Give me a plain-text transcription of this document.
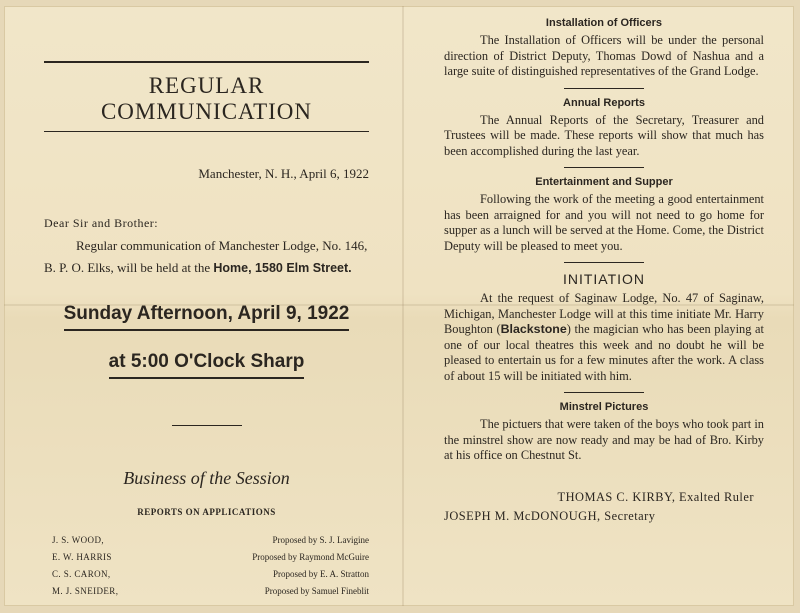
REGULAR COMMUNICATION
Manchester, N. H., April 6, 1922
Dear Sir and Brother:
Regular communication of Manchester Lodge, No. 146,
B. P. O. Elks, will be held at the Home, 1580 Elm Street.
Sunday Afternoon, April 9, 1922
at 5:00 O'Clock Sharp
Business of the Session
REPORTS ON APPLICATIONS
J. S. WOOD,	Proposed by S. J. Lavigine
E. W. HARRIS	Proposed by Raymond McGuire
C. S. CARON,	Proposed by E. A. Stratton
M. J. SNEIDER,	Proposed by Samuel Fineblit
Installation of Officers

The Installation of Officers will be under the personal direction of District Deputy, Thomas Dowd of Nashua and a large suite of distinguished representatives of the Grand Lodge.

Annual Reports

The Annual Reports of the Secretary, Treasurer and Trustees will be made. These reports will show that much has been accomplished during the last year.

Entertainment and Supper

Following the work of the meeting a good entertainment has been arraigned for and you will not need to go home for supper as a lunch will be served at the Home. Come, the District Deputy will be pleased to meet you.

INITIATION

At the request of Saginaw Lodge, No. 47 of Saginaw, Michigan, Manchester Lodge will at this time initiate Mr. Harry Boughton (Blackstone) the magician who has been playing at one of our local theatres this week and no doubt he will be pleased to entertain us for a few minutes after the work. A class of about 15 will be initiated with him.

Minstrel Pictures

The pictuers that were taken of the boys who took part in the minstrel show are now ready and may be had of Bro. Kirby at his office on Chestnut St.

THOMAS C. KIRBY, Exalted Ruler
JOSEPH M. McDONOUGH, Secretary
